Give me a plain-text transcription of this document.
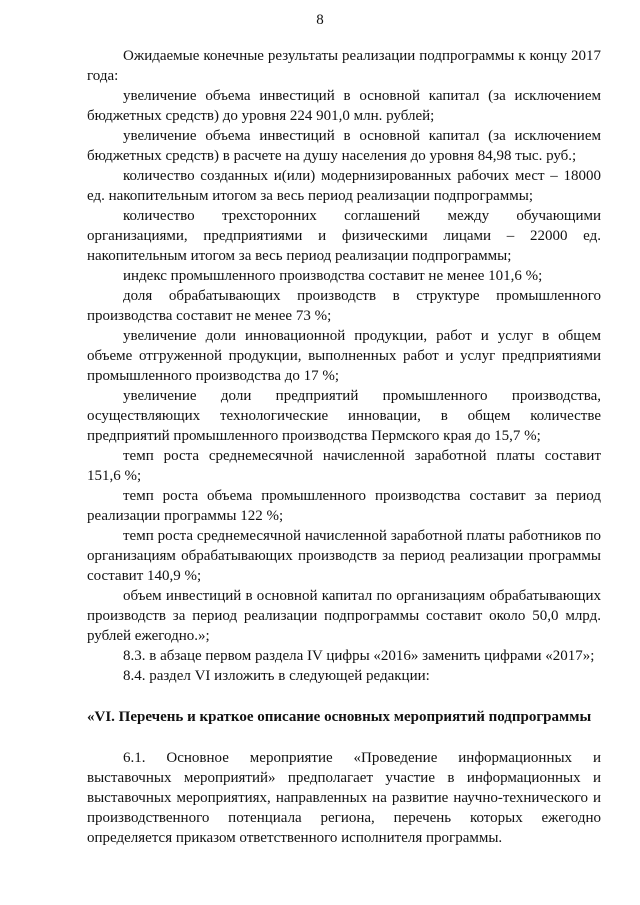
8

Ожидаемые конечные результаты реализации подпрограммы к концу 2017 года:

увеличение объема инвестиций в основной капитал (за исключением бюджетных средств) до уровня 224 901,0 млн. рублей;

увеличение объема инвестиций в основной капитал (за исключением бюджетных средств) в расчете на душу населения до уровня 84,98 тыс. руб.;

количество созданных и(или) модернизированных рабочих мест – 18000 ед. накопительным итогом за весь период реализации подпрограммы;

количество трехсторонних соглашений между обучающими организациями, предприятиями и физическими лицами – 22000 ед. накопительным итогом за весь период реализации подпрограммы;

индекс промышленного производства составит не менее 101,6 %;

доля обрабатывающих производств в структуре промышленного производства составит не менее 73 %;

увеличение доли инновационной продукции, работ и услуг в общем объеме отгруженной продукции, выполненных работ и услуг предприятиями промышленного производства до 17 %;

увеличение доли предприятий промышленного производства, осуществляющих технологические инновации, в общем количестве предприятий промышленного производства Пермского края до 15,7 %;

темп роста среднемесячной начисленной заработной платы составит 151,6 %;

темп роста объема промышленного производства составит за период реализации программы 122 %;

темп роста среднемесячной начисленной заработной платы работников по организациям обрабатывающих производств за период реализации программы составит 140,9 %;

объем инвестиций в основной капитал по организациям обрабатывающих производств за период реализации подпрограммы составит около 50,0 млрд. рублей ежегодно.»;

8.3. в абзаце первом раздела IV цифры «2016» заменить цифрами «2017»;

8.4. раздел VI изложить в следующей редакции:

«VI. Перечень и краткое описание основных мероприятий подпрограммы

6.1. Основное мероприятие «Проведение информационных и выставочных мероприятий» предполагает участие в информационных и выставочных мероприятиях, направленных на развитие научно-технического и производственного потенциала региона, перечень которых ежегодно определяется приказом ответственного исполнителя программы.
